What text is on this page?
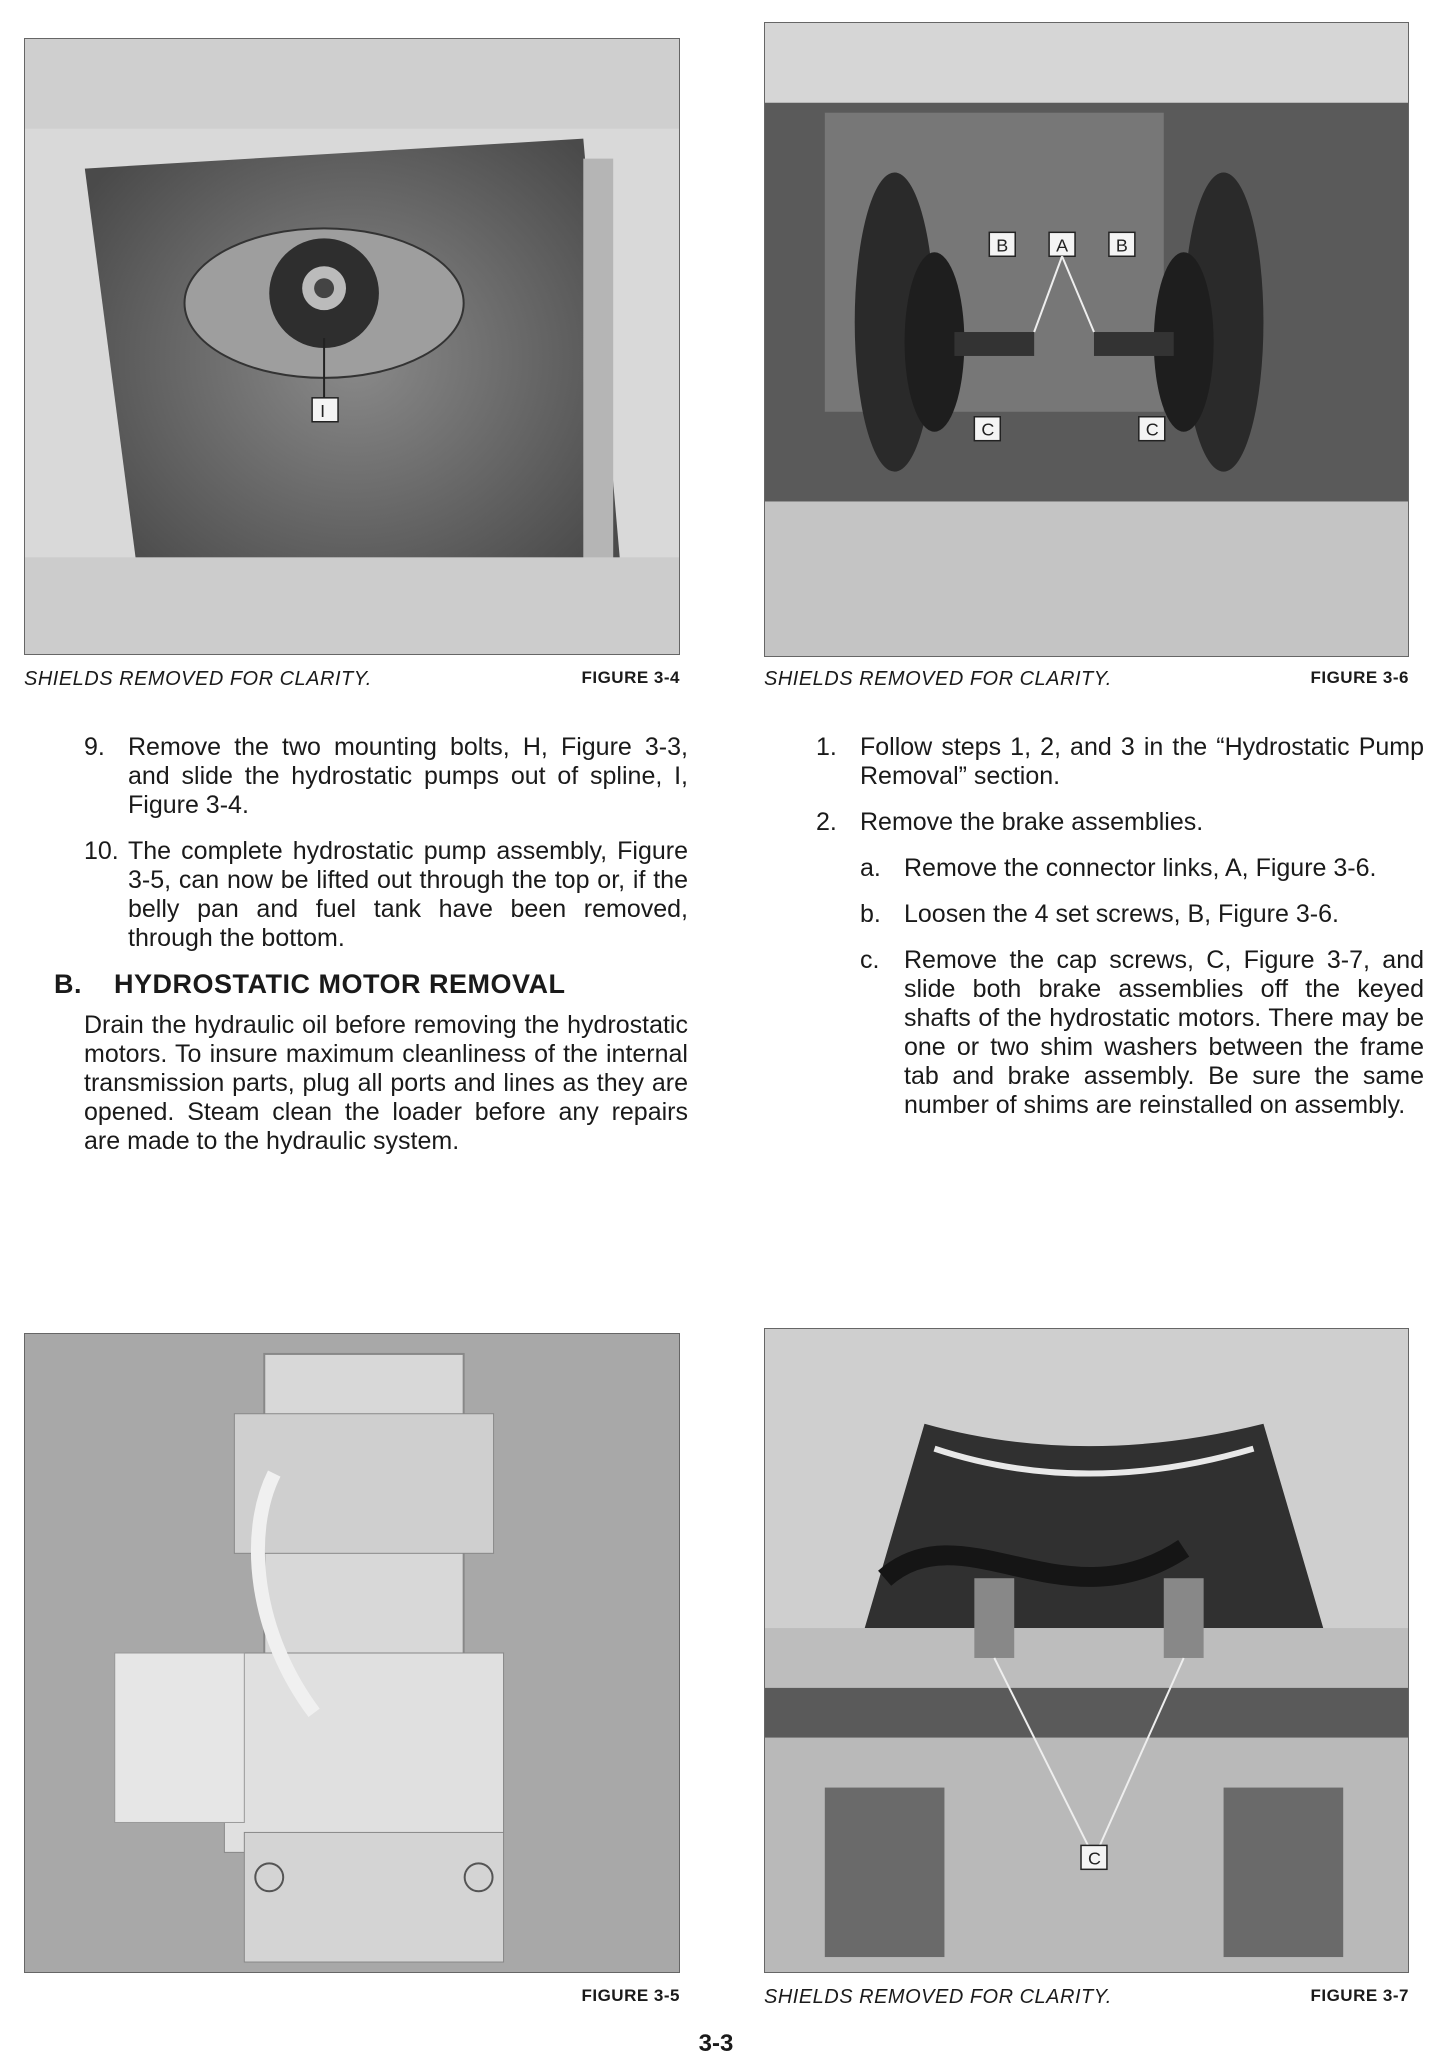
I
SHIELDS REMOVED FOR CLARITY.	FIGURE 3-4
B	A	B
C	C
SHIELDS REMOVED FOR CLARITY.	FIGURE 3-6
9. Remove the two mounting bolts, H, Figure 3-3, and slide the hydrostatic pumps out of spline, I, Figure 3-4.
10. The complete hydrostatic pump assembly, Figure 3-5, can now be lifted out through the top or, if the belly pan and fuel tank have been removed, through the bottom.
B. HYDROSTATIC MOTOR REMOVAL

Drain the hydraulic oil before removing the hydrostatic motors. To insure maximum cleanliness of the internal transmission parts, plug all ports and lines as they are opened. Steam clean the loader before any repairs are made to the hydraulic system.

1. Follow steps 1, 2, and 3 in the “Hydrostatic Pump Removal” section.
2. Remove the brake assemblies.
a. Remove the connector links, A, Figure 3-6.
b. Loosen the 4 set screws, B, Figure 3-6.
c. Remove the cap screws, C, Figure 3-7, and slide both brake assemblies off the keyed shafts of the hydrostatic motors. There may be one or two shim washers between the frame tab and brake assembly. Be sure the same number of shims are reinstalled on assembly.
FIGURE 3-5
C
SHIELDS REMOVED FOR CLARITY.	FIGURE 3-7
3-3
